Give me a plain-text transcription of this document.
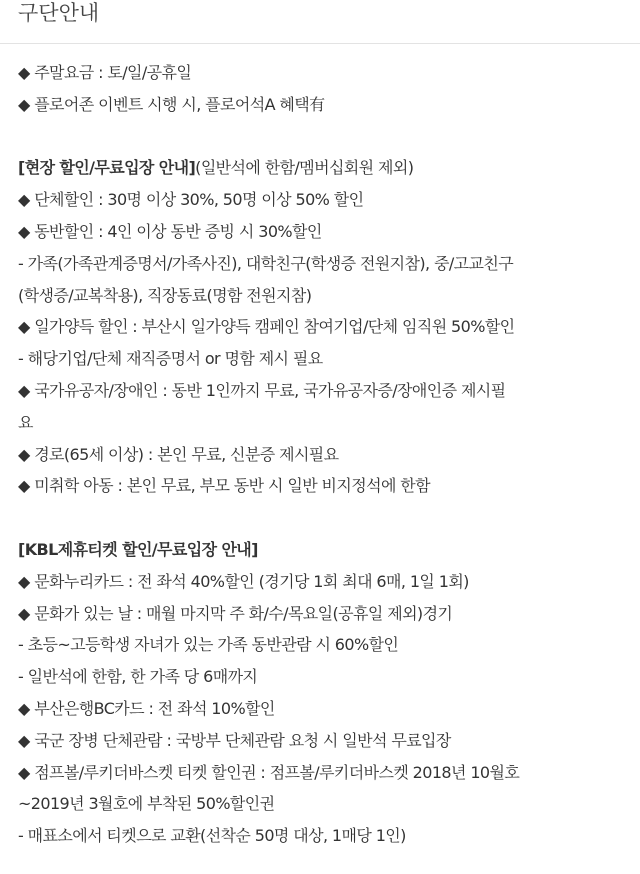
구단안내
◆ 주말요금 : 토/일/공휴일
◆ 플로어존 이벤트 시행 시, 플로어석A 혜택有
[현장 할인/무료입장 안내](일반석에 한함/멤버십회원 제외)
◆ 단체할인 : 30명 이상 30%, 50명 이상 50% 할인
◆ 동반할인 : 4인 이상 동반 증빙 시 30%할인
- 가족(가족관계증명서/가족사진), 대학친구(학생증 전원지참), 중/고교친구
(학생증/교복착용), 직장동료(명함 전원지참)
◆ 일가양득 할인 : 부산시 일가양득 캠페인 참여기업/단체 임직원 50%할인
- 해당기업/단체 재직증명서 or 명함 제시 필요
◆ 국가유공자/장애인 : 동반 1인까지 무료, 국가유공자증/장애인증 제시필
요
◆ 경로(65세 이상) : 본인 무료, 신분증 제시필요
◆ 미취학 아동 : 본인 무료, 부모 동반 시 일반 비지정석에 한함
[KBL제휴티켓 할인/무료입장 안내]
◆ 문화누리카드 : 전 좌석 40%할인 (경기당 1회 최대 6매, 1일 1회)
◆ 문화가 있는 날 : 매월 마지막 주 화/수/목요일(공휴일 제외)경기
- 초등~고등학생 자녀가 있는 가족 동반관람 시 60%할인
- 일반석에 한함, 한 가족 당 6매까지
◆ 부산은행BC카드 : 전 좌석 10%할인
◆ 국군 장병 단체관람 : 국방부 단체관람 요청 시 일반석 무료입장
◆ 점프볼/루키더바스켓 티켓 할인권 : 점프볼/루키더바스켓 2018년 10월호
~2019년 3월호에 부착된 50%할인권
- 매표소에서 티켓으로 교환(선착순 50명 대상, 1매당 1인)
